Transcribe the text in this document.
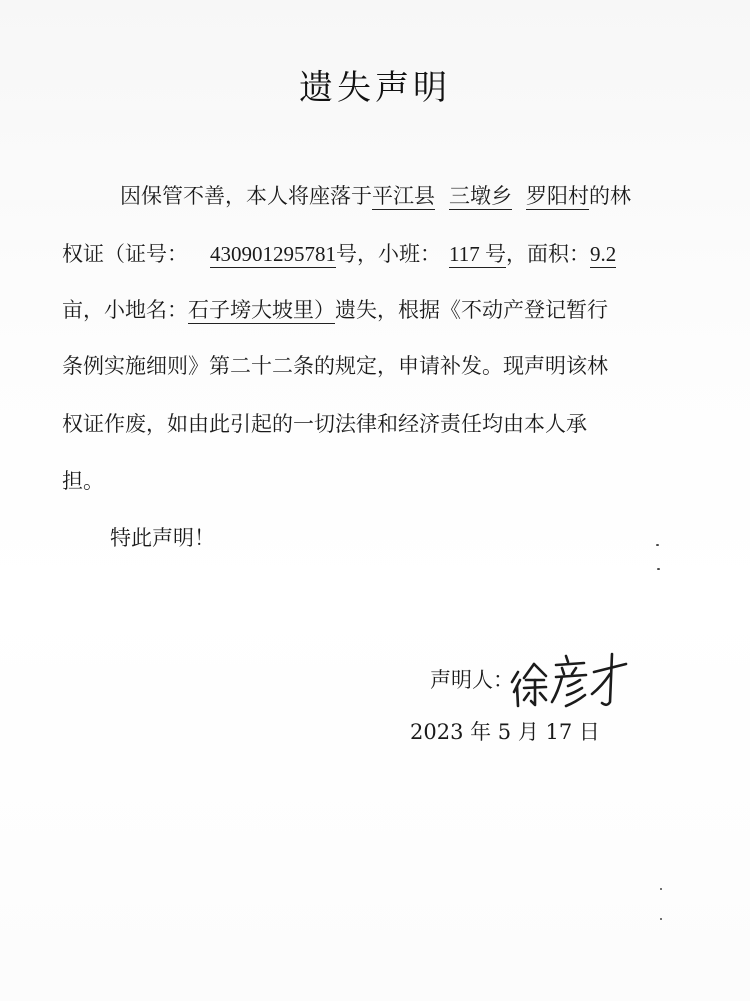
遗失声明
因保管不善，本人将座落于平江县 三墩乡 罗阳村的林
权证（证号： 430901295781号，小班： 117 号，面积：9.2
亩，小地名：石子塝大坡里）遗失，根据《不动产登记暂行
条例实施细则》第二十二条的规定，申请补发。现声明该林
权证作废，如由此引起的一切法律和经济责任均由本人承
担。
特此声明！
声明人：
2023 年 5 月 17 日
